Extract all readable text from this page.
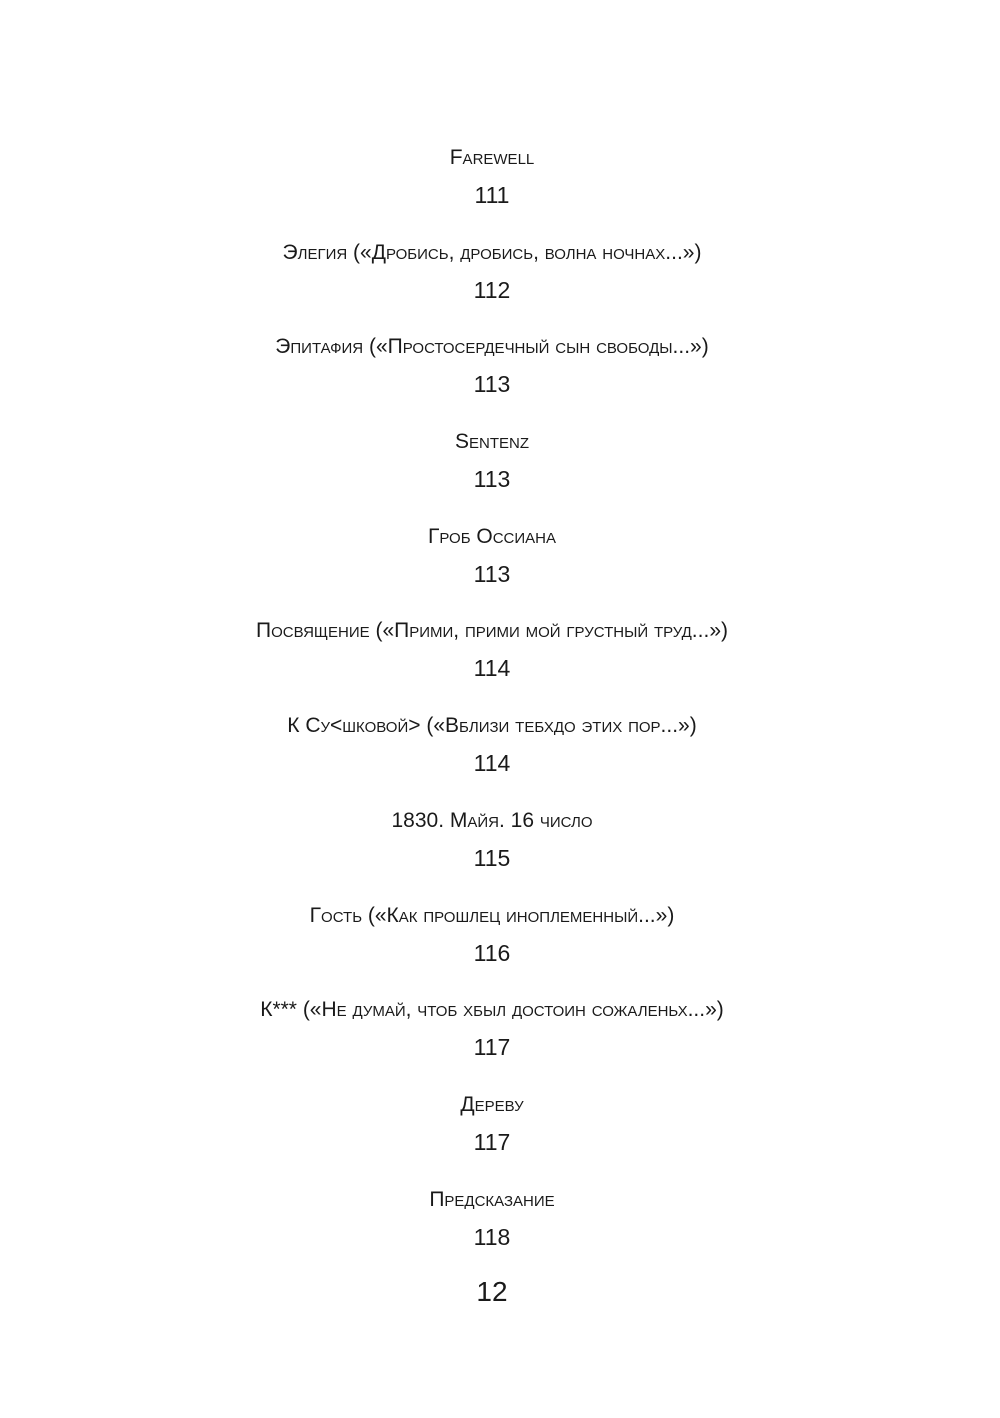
Farewell
111
Элегия («Дробись, дробись, волна ночнах...»)
112
Эпитафия («Простосердечный сын свободы...»)
113
Sentenz
113
Гроб Оссиана
113
Посвящение («Прими, прими мой грустный труд...»)
114
К Су<шковой> («Вблизи тебхдо этих пор...»)
114
1830. Майя. 16 число
115
Гость («Как прошлец иноплеменный...»)
116
К*** («Не думай, чтоб хбыл достоин сожаленьх...»)
117
Дереву
117
Предсказание
118
12
